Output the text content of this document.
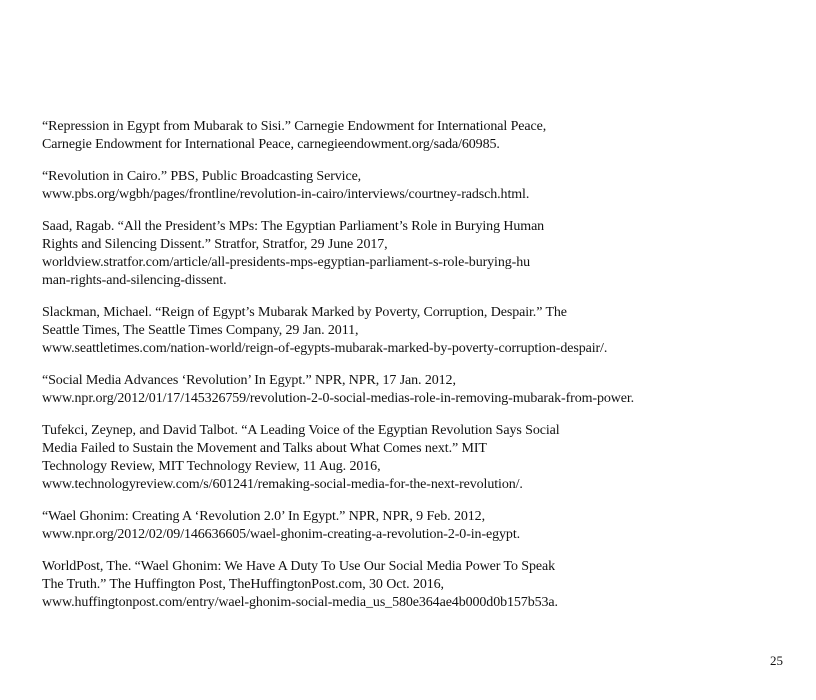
“Repression in Egypt from Mubarak to Sisi.” Carnegie Endowment for International Peace,
Carnegie Endowment for International Peace, carnegieendowment.org/sada/60985.
“Revolution in Cairo.” PBS, Public Broadcasting Service,
www.pbs.org/wgbh/pages/frontline/revolution-in-cairo/interviews/courtney-radsch.html.
Saad, Ragab. “All the President’s MPs: The Egyptian Parliament’s Role in Burying Human
Rights and Silencing Dissent.” Stratfor, Stratfor, 29 June 2017,
worldview.stratfor.com/article/all-presidents-mps-egyptian-parliament-s-role-burying-hu
man-rights-and-silencing-dissent.
Slackman, Michael. “Reign of Egypt’s Mubarak Marked by Poverty, Corruption, Despair.” The
Seattle Times, The Seattle Times Company, 29 Jan. 2011,
www.seattletimes.com/nation-world/reign-of-egypts-mubarak-marked-by-poverty-corruption-despair/.
“Social Media Advances ‘Revolution’ In Egypt.” NPR, NPR, 17 Jan. 2012,
www.npr.org/2012/01/17/145326759/revolution-2-0-social-medias-role-in-removing-mubarak-from-power.
Tufekci, Zeynep, and David Talbot. “A Leading Voice of the Egyptian Revolution Says Social
Media Failed to Sustain the Movement and Talks about What Comes next.” MIT
Technology Review, MIT Technology Review, 11 Aug. 2016,
www.technologyreview.com/s/601241/remaking-social-media-for-the-next-revolution/.
“Wael Ghonim: Creating A ‘Revolution 2.0’ In Egypt.” NPR, NPR, 9 Feb. 2012,
www.npr.org/2012/02/09/146636605/wael-ghonim-creating-a-revolution-2-0-in-egypt.
WorldPost, The. “Wael Ghonim: We Have A Duty To Use Our Social Media Power To Speak
The Truth.” The Huffington Post, TheHuffingtonPost.com, 30 Oct. 2016,
www.huffingtonpost.com/entry/wael-ghonim-social-media_us_580e364ae4b000d0b157b53a.
25
